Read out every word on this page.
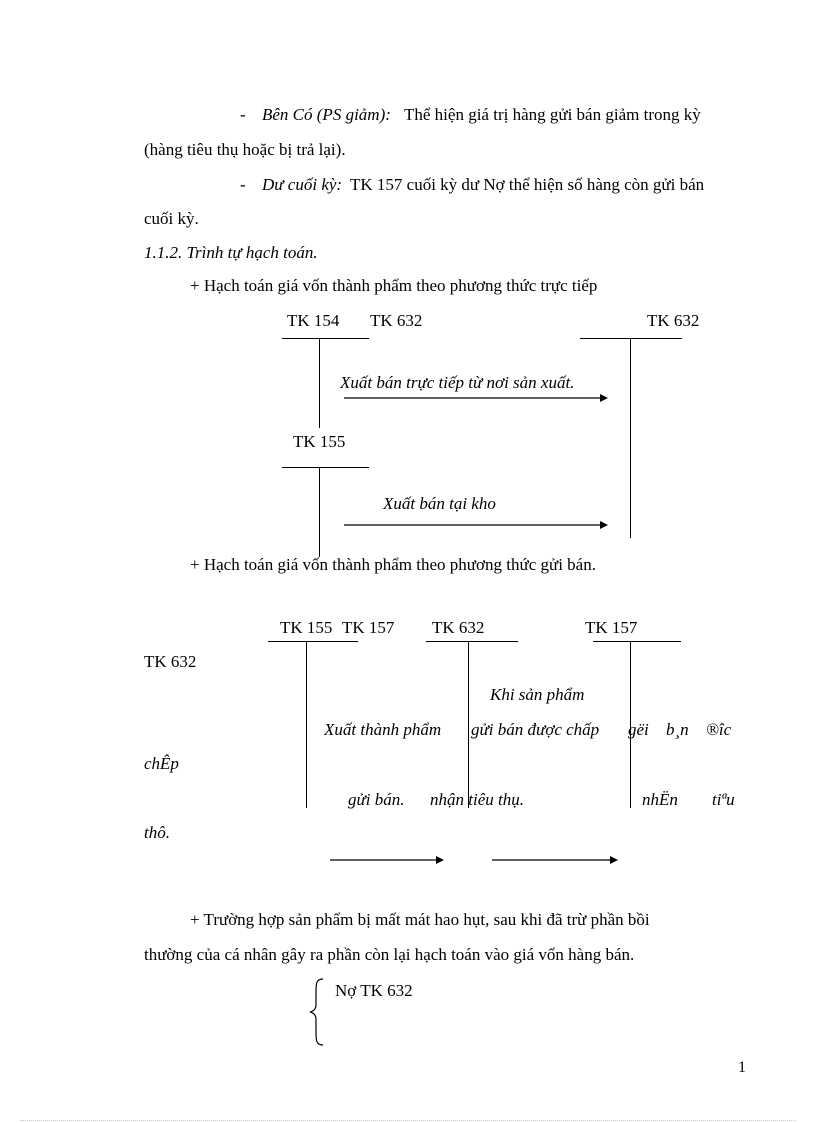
- Bên Có (PS giảm): Thể hiện giá trị hàng gửi bán giảm trong kỳ
(hàng tiêu thụ hoặc bị trả lại).
- Dư cuối kỳ: TK 157 cuối kỳ dư Nợ thể hiện số hàng còn gửi bán
cuối kỳ.
1.1.2. Trình tự hạch toán.
+ Hạch toán giá vốn thành phẩm theo phương thức trực tiếp
TK 154 TK 632	TK 632
Xuất bán trực tiếp từ nơi sản xuất.
TK 155
Xuất bán tại kho
+ Hạch toán giá vốn thành phẩm theo phương thức gửi bán.
TK 155 TK 157 TK 632	TK 157
TK 632
Khi sản phẩm
Xuất thành phẩm gửi bán được chấp gëi b¸n ®îc
chÊp
gửi bán. nhận tiêu thụ.	nhËn tiªu
thô.
+ Trường hợp sản phẩm bị mất mát hao hụt, sau khi đã trừ phần bồi
thường của cá nhân gây ra phần còn lại hạch toán vào giá vốn hàng bán.
Nợ TK 632
1
